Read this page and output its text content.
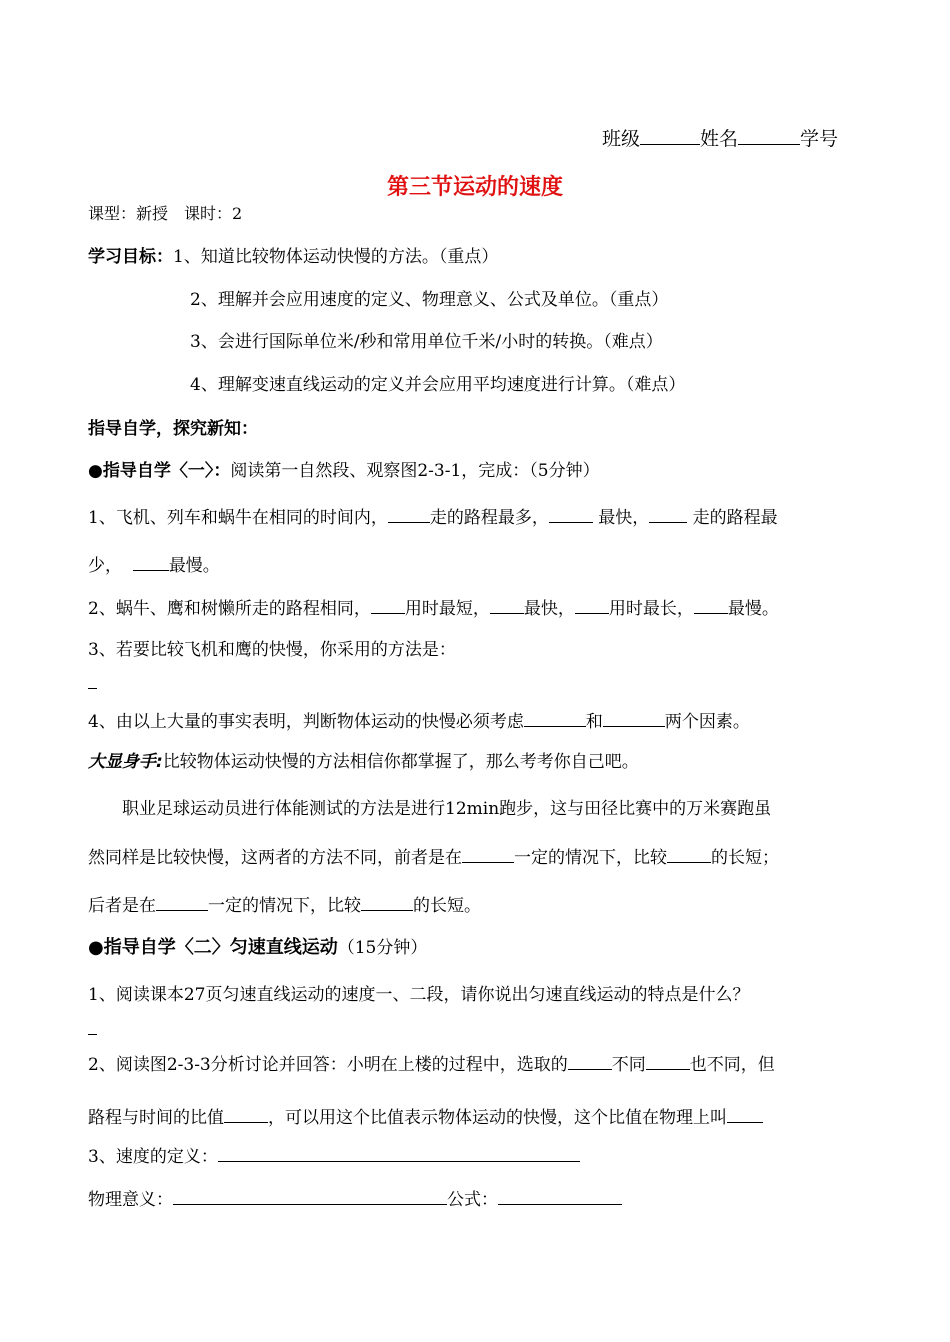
班级	姓名	学号
第三节运动的速度
课型：新授　课时：2
学习目标：1、知道比较物体运动快慢的方法。（重点）
2、理解并会应用速度的定义、物理意义、公式及单位。（重点）
3、会进行国际单位米/秒和常用单位千米/小时的转换。（难点）
4、理解变速直线运动的定义并会应用平均速度进行计算。（难点）
指导自学，探究新知：
●指导自学〈一〉：阅读第一自然段、观察图2-3-1，完成：（5分钟）
1、飞机、列车和蜗牛在相同的时间内， 走的路程最多，	最快，	走的路程最
少，	最慢。
2、蜗牛、鹰和树懒所走的路程相同， 用时最短， 最快， 用时最长， 最慢。
3、若要比较飞机和鹰的快慢，你采用的方法是：
4、由以上大量的事实表明，判断物体运动的快慢必须考虑	和	两个因素。
大显身手:比较物体运动快慢的方法相信你都掌握了，那么考考你自己吧。
职业足球运动员进行体能测试的方法是进行12min跑步，这与田径比赛中的万米赛跑虽
然同样是比较快慢，这两者的方法不同，前者是在	一定的情况下，比较	的长短；
后者是在	一定的情况下，比较	的长短。
●指导自学〈二〉匀速直线运动（15分钟）
1、阅读课本27页匀速直线运动的速度一、二段，请你说出匀速直线运动的特点是什么？
2、阅读图2-3-3分析讨论并回答：小明在上楼的过程中，选取的	不同	也不同，但
路程与时间的比值	，可以用这个比值表示物体运动的快慢，这个比值在物理上叫
3、速度的定义：
物理意义：	公式：
